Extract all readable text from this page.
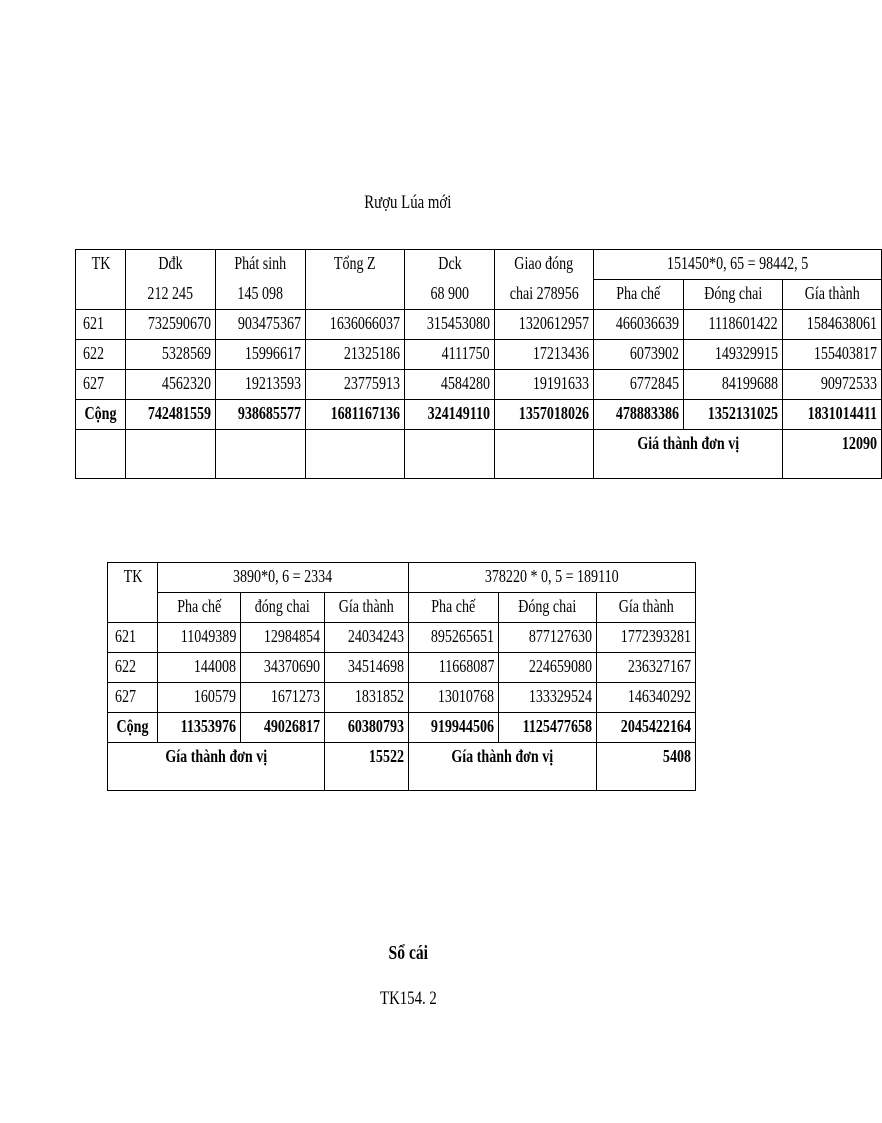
Rượu Lúa mới
TK	Dđk	Phát sinh	Tổng Z	Dck	Giao đóng	151450*0, 65 = 98442, 5		
	212 245	145 098		68 900	chai 278956	Pha chế	Đóng chai	Gía thành
621	732590670	903475367	1636066037	315453080	1320612957	466036639	1118601422	1584638061
622	5328569	15996617	21325186	4111750	17213436	6073902	149329915	155403817
627	4562320	19213593	23775913	4584280	19191633	6772845	84199688	90972533
Cộng	742481559	938685577	1681167136	324149110	1357018026	478883386	1352131025	1831014411
						Giá thành đơn vị		12090
TK	3890*0, 6 = 2334			378220 * 0, 5 = 189110		
	Pha chế	đóng chai	Gía thành	Pha chế	Đóng chai	Gía thành
621	11049389	12984854	24034243	895265651	877127630	1772393281
622	144008	34370690	34514698	11668087	224659080	236327167
627	160579	1671273	1831852	13010768	133329524	146340292
Cộng	11353976	49026817	60380793	919944506	1125477658	2045422164
Gía thành đơn vị			15522	Gía thành đơn vị		5408
Sổ cái
TK154. 2
